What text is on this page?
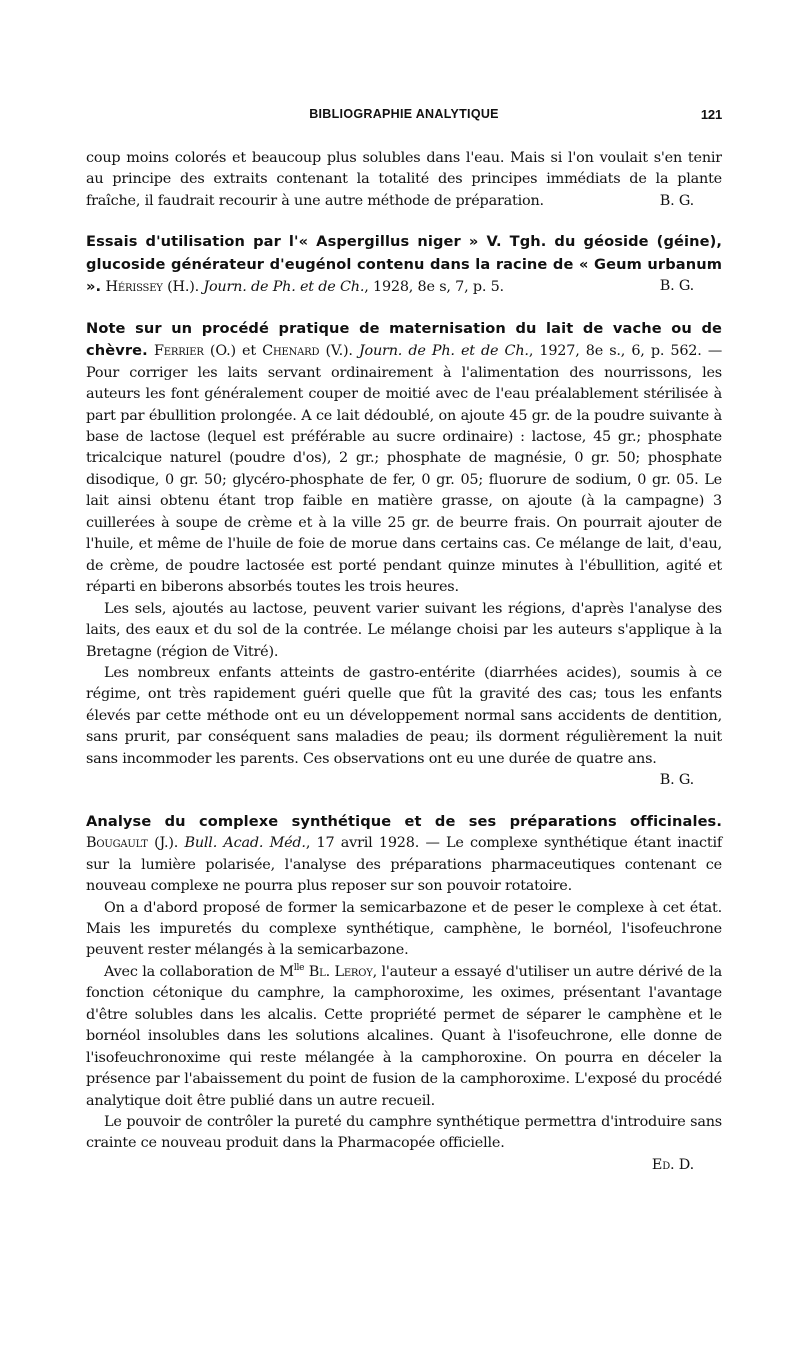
BIBLIOGRAPHIE ANALYTIQUE	121

coup moins colorés et beaucoup plus solubles dans l'eau. Mais si l'on voulait s'en tenir au principe des extraits contenant la totalité des principes immédiats de la plante fraîche, il faudrait recourir à une autre méthode de préparation.	B. G.

Essais d'utilisation par l'« Aspergillus niger » V. Tgh. du géoside (géine), glucoside générateur d'eugénol contenu dans la racine de « Geum urbanum ». Hérissey (H.). Journ. de Ph. et de Ch., 1928, 8e s, 7, p. 5.	B. G.

Note sur un procédé pratique de maternisation du lait de vache ou de chèvre. Ferrier (O.) et Chenard (V.). Journ. de Ph. et de Ch., 1927, 8e s., 6, p. 562. — Pour corriger les laits servant ordinairement à l'alimentation des nourrissons, les auteurs les font généralement couper de moitié avec de l'eau préalablement stérilisée à part par ébullition prolongée. A ce lait dédoublé, on ajoute 45 gr. de la poudre suivante à base de lactose (lequel est préférable au sucre ordinaire) : lactose, 45 gr.; phosphate tricalcique naturel (poudre d'os), 2 gr.; phosphate de magnésie, 0 gr. 50; phosphate disodique, 0 gr. 50; glycéro-phosphate de fer, 0 gr. 05; fluorure de sodium, 0 gr. 05. Le lait ainsi obtenu étant trop faible en matière grasse, on ajoute (à la campagne) 3 cuillerées à soupe de crème et à la ville 25 gr. de beurre frais. On pourrait ajouter de l'huile, et même de l'huile de foie de morue dans certains cas. Ce mélange de lait, d'eau, de crème, de poudre lactosée est porté pendant quinze minutes à l'ébullition, agité et réparti en biberons absorbés toutes les trois heures.

Les sels, ajoutés au lactose, peuvent varier suivant les régions, d'après l'analyse des laits, des eaux et du sol de la contrée. Le mélange choisi par les auteurs s'applique à la Bretagne (région de Vitré).

Les nombreux enfants atteints de gastro-entérite (diarrhées acides), soumis à ce régime, ont très rapidement guéri quelle que fût la gravité des cas; tous les enfants élevés par cette méthode ont eu un développement normal sans accidents de dentition, sans prurit, par conséquent sans maladies de peau; ils dorment régulièrement la nuit sans incommoder les parents. Ces observations ont eu une durée de quatre ans.
B. G.

Analyse du complexe synthétique et de ses préparations officinales. Bougault (J.). Bull. Acad. Méd., 17 avril 1928. — Le complexe synthétique étant inactif sur la lumière polarisée, l'analyse des préparations pharmaceutiques contenant ce nouveau complexe ne pourra plus reposer sur son pouvoir rotatoire.

On a d'abord proposé de former la semicarbazone et de peser le complexe à cet état. Mais les impuretés du complexe synthétique, camphène, le bornéol, l'isofeuchrone peuvent rester mélangés à la semicarbazone.

Avec la collaboration de $M^{lle}$ Bl. Leroy, l'auteur a essayé d'utiliser un autre dérivé de la fonction cétonique du camphre, la camphoroxime, les oximes, présentant l'avantage d'être solubles dans les alcalis. Cette propriété permet de séparer le camphène et le bornéol insolubles dans les solutions alcalines. Quant à l'isofeuchrone, elle donne de l'isofeuchronoxime qui reste mélangée à la camphoroxine. On pourra en déceler la présence par l'abaissement du point de fusion de la camphoroxime. L'exposé du procédé analytique doit être publié dans un autre recueil.

Le pouvoir de contrôler la pureté du camphre synthétique permettra d'introduire sans crainte ce nouveau produit dans la Pharmacopée officielle.

Ed. D.
